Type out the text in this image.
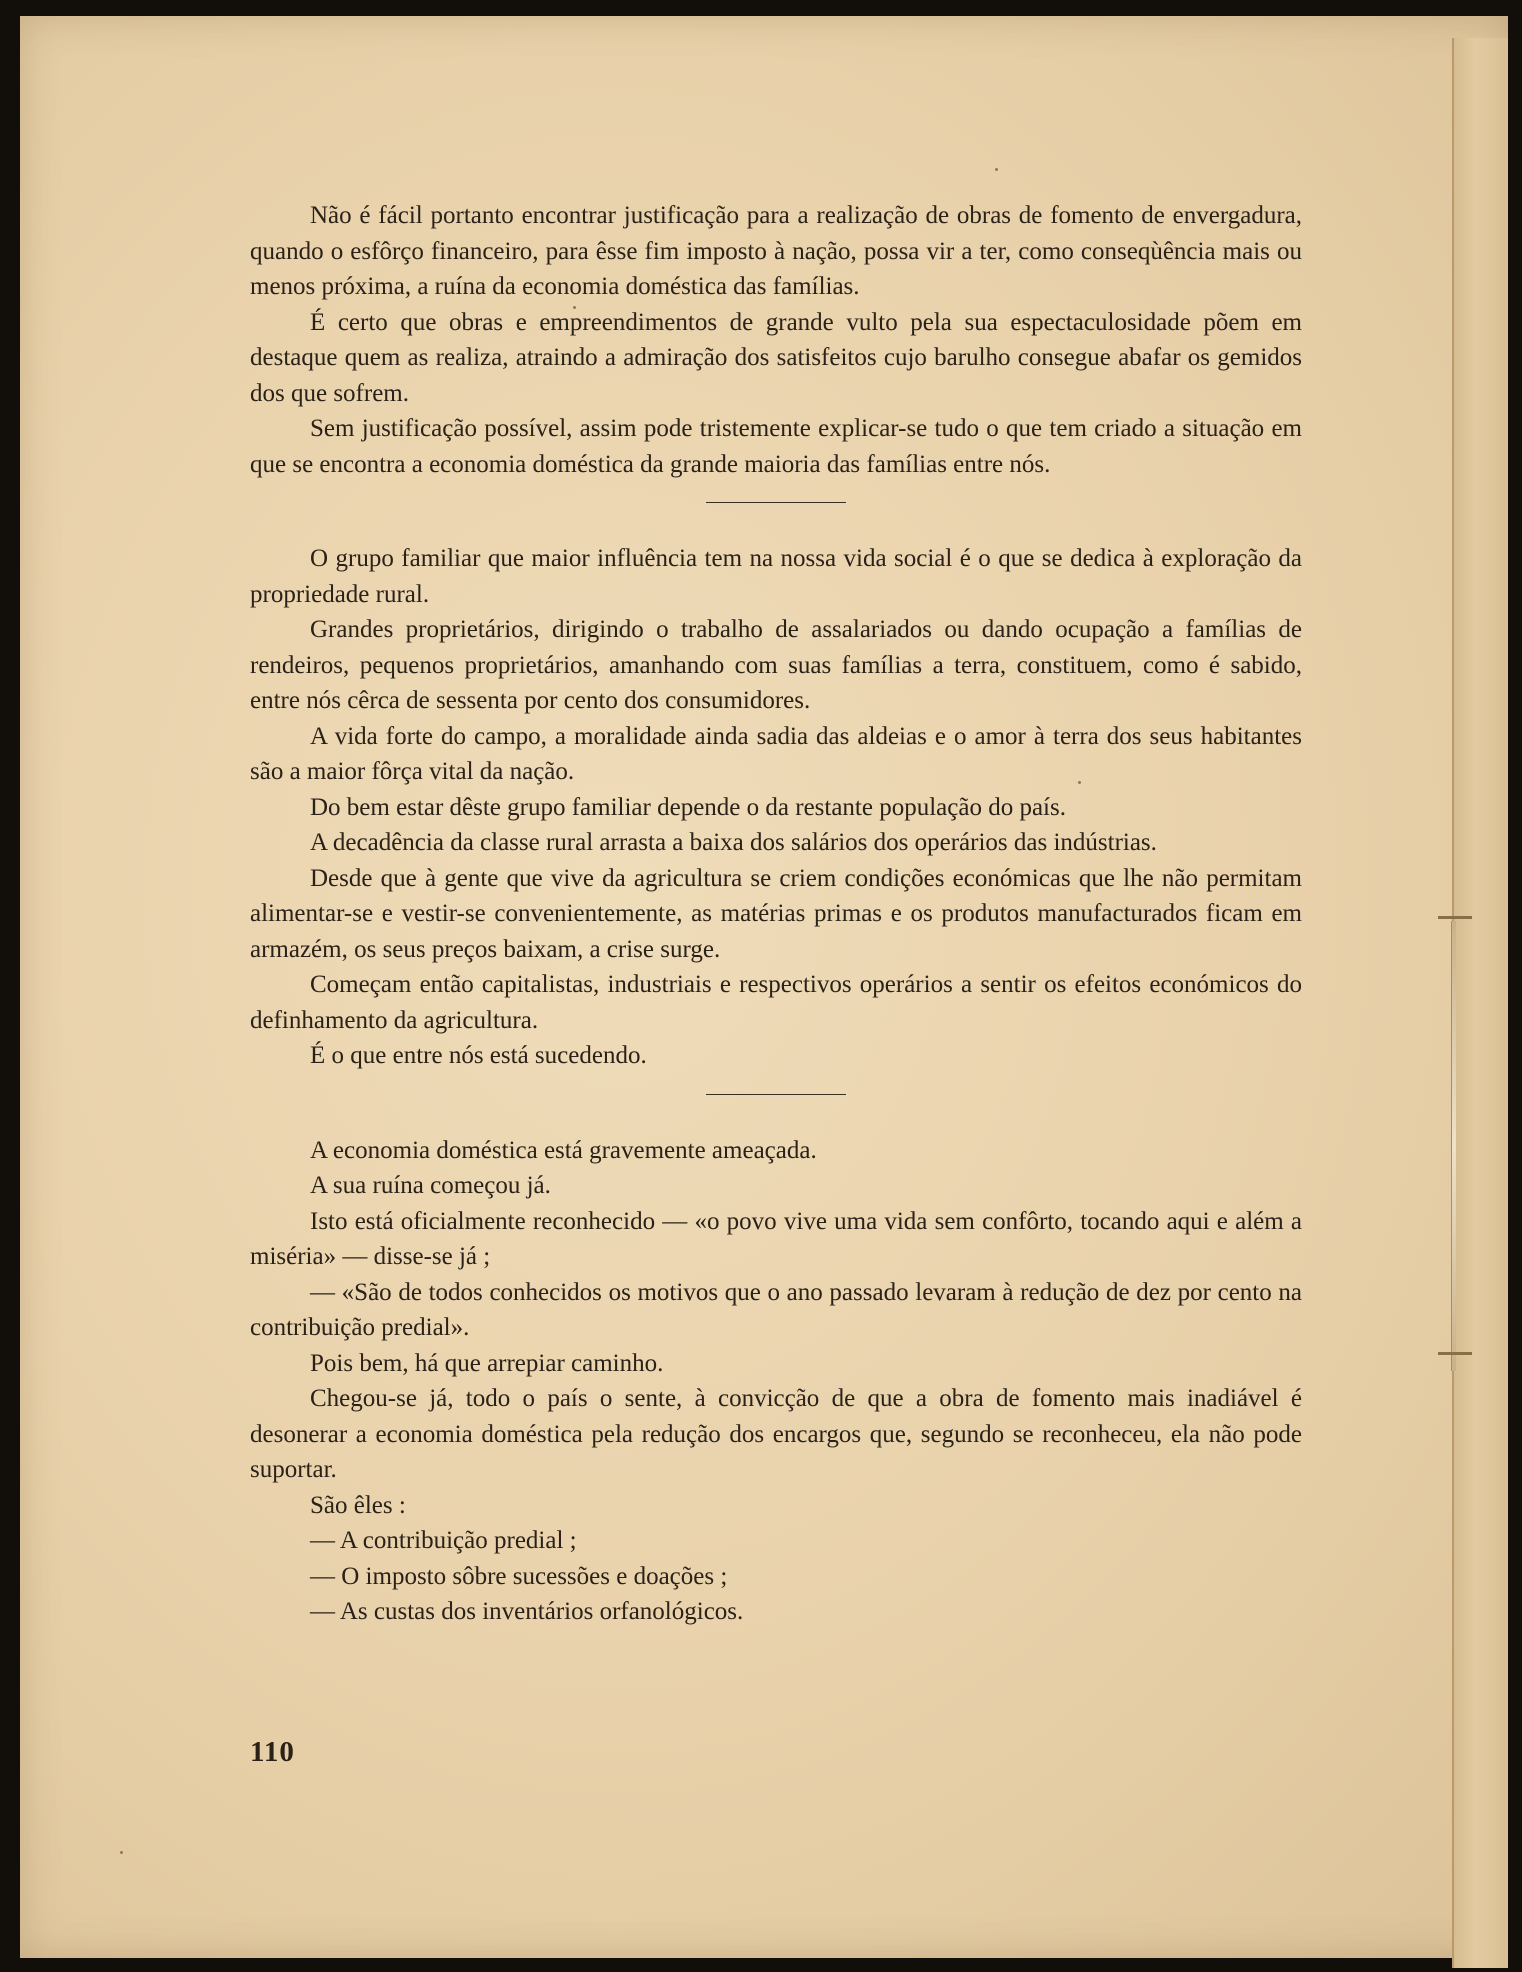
Não é fácil portanto encontrar justificação para a realização de obras de fomento de envergadura, quando o esfôrço financeiro, para êsse fim imposto à nação, possa vir a ter, como conseqùência mais ou menos próxima, a ruína da economia doméstica das famílias.

É certo que obras e empreendimentos de grande vulto pela sua espectaculosidade põem em destaque quem as realiza, atraindo a admiração dos satisfeitos cujo barulho consegue abafar os gemidos dos que sofrem.

Sem justificação possível, assim pode tristemente explicar-se tudo o que tem criado a situação em que se encontra a economia doméstica da grande maioria das famílias entre nós.

O grupo familiar que maior influência tem na nossa vida social é o que se dedica à exploração da propriedade rural.

Grandes proprietários, dirigindo o trabalho de assalariados ou dando ocupação a famílias de rendeiros, pequenos proprietários, amanhando com suas famílias a terra, constituem, como é sabido, entre nós cêrca de sessenta por cento dos consumidores.

A vida forte do campo, a moralidade ainda sadia das aldeias e o amor à terra dos seus habitantes são a maior fôrça vital da nação.

Do bem estar dêste grupo familiar depende o da restante população do país.

A decadência da classe rural arrasta a baixa dos salários dos operários das indústrias.

Desde que à gente que vive da agricultura se criem condições económicas que lhe não permitam alimentar-se e vestir-se convenientemente, as matérias primas e os produtos manufacturados ficam em armazém, os seus preços baixam, a crise surge.

Começam então capitalistas, industriais e respectivos operários a sentir os efeitos económicos do definhamento da agricultura.

É o que entre nós está sucedendo.

A economia doméstica está gravemente ameaçada.

A sua ruína começou já.

Isto está oficialmente reconhecido — «o povo vive uma vida sem confôrto, tocando aqui e além a miséria» — disse-se já ;

— «São de todos conhecidos os motivos que o ano passado levaram à redução de dez por cento na contribuição predial».

Pois bem, há que arrepiar caminho.

Chegou-se já, todo o país o sente, à convicção de que a obra de fomento mais inadiável é desonerar a economia doméstica pela redução dos encargos que, segundo se reconheceu, ela não pode suportar.

São êles :

— A contribuição predial ;

— O imposto sôbre sucessões e doações ;

— As custas dos inventários orfanológicos.

110
